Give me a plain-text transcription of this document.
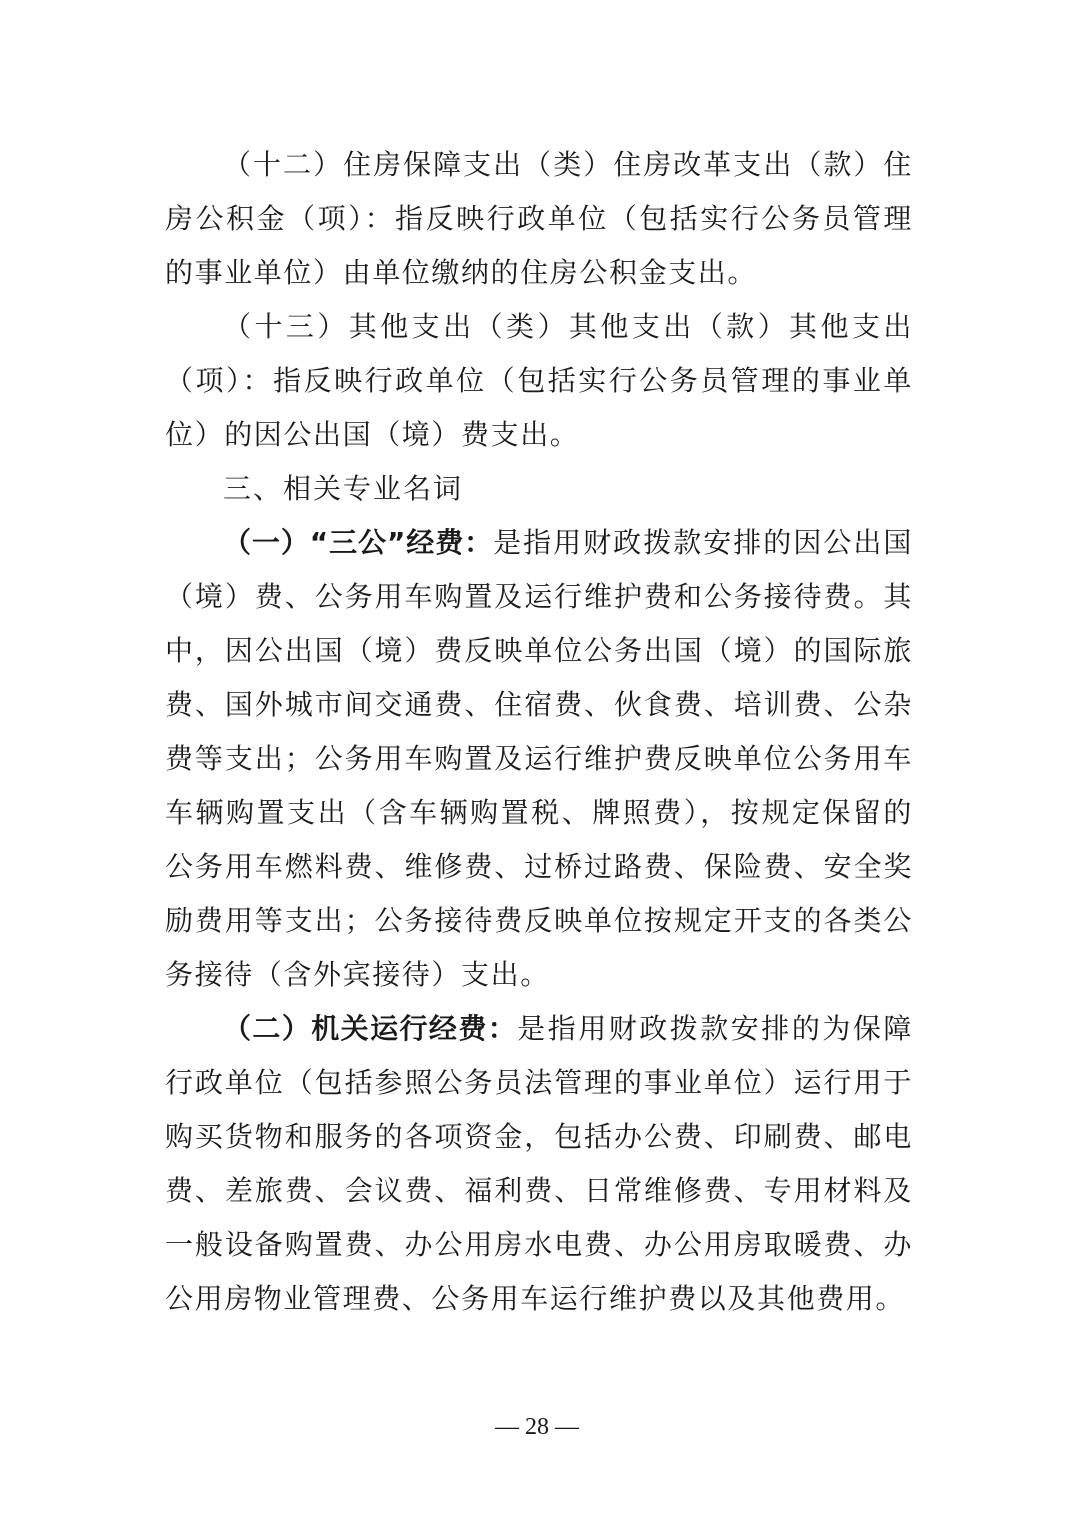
（十二）住房保障支出（类）住房改革支出（款）住房公积金（项）：指反映行政单位（包括实行公务员管理的事业单位）由单位缴纳的住房公积金支出。

（十三）其他支出（类）其他支出（款）其他支出（项）：指反映行政单位（包括实行公务员管理的事业单位）的因公出国（境）费支出。

三、相关专业名词

（一）“三公”经费：是指用财政拨款安排的因公出国（境）费、公务用车购置及运行维护费和公务接待费。其中，因公出国（境）费反映单位公务出国（境）的国际旅费、国外城市间交通费、住宿费、伙食费、培训费、公杂费等支出；公务用车购置及运行维护费反映单位公务用车车辆购置支出（含车辆购置税、牌照费），按规定保留的公务用车燃料费、维修费、过桥过路费、保险费、安全奖励费用等支出；公务接待费反映单位按规定开支的各类公务接待（含外宾接待）支出。

（二）机关运行经费：是指用财政拨款安排的为保障行政单位（包括参照公务员法管理的事业单位）运行用于购买货物和服务的各项资金，包括办公费、印刷费、邮电费、差旅费、会议费、福利费、日常维修费、专用材料及一般设备购置费、办公用房水电费、办公用房取暖费、办公用房物业管理费、公务用车运行维护费以及其他费用。

— 28 —
